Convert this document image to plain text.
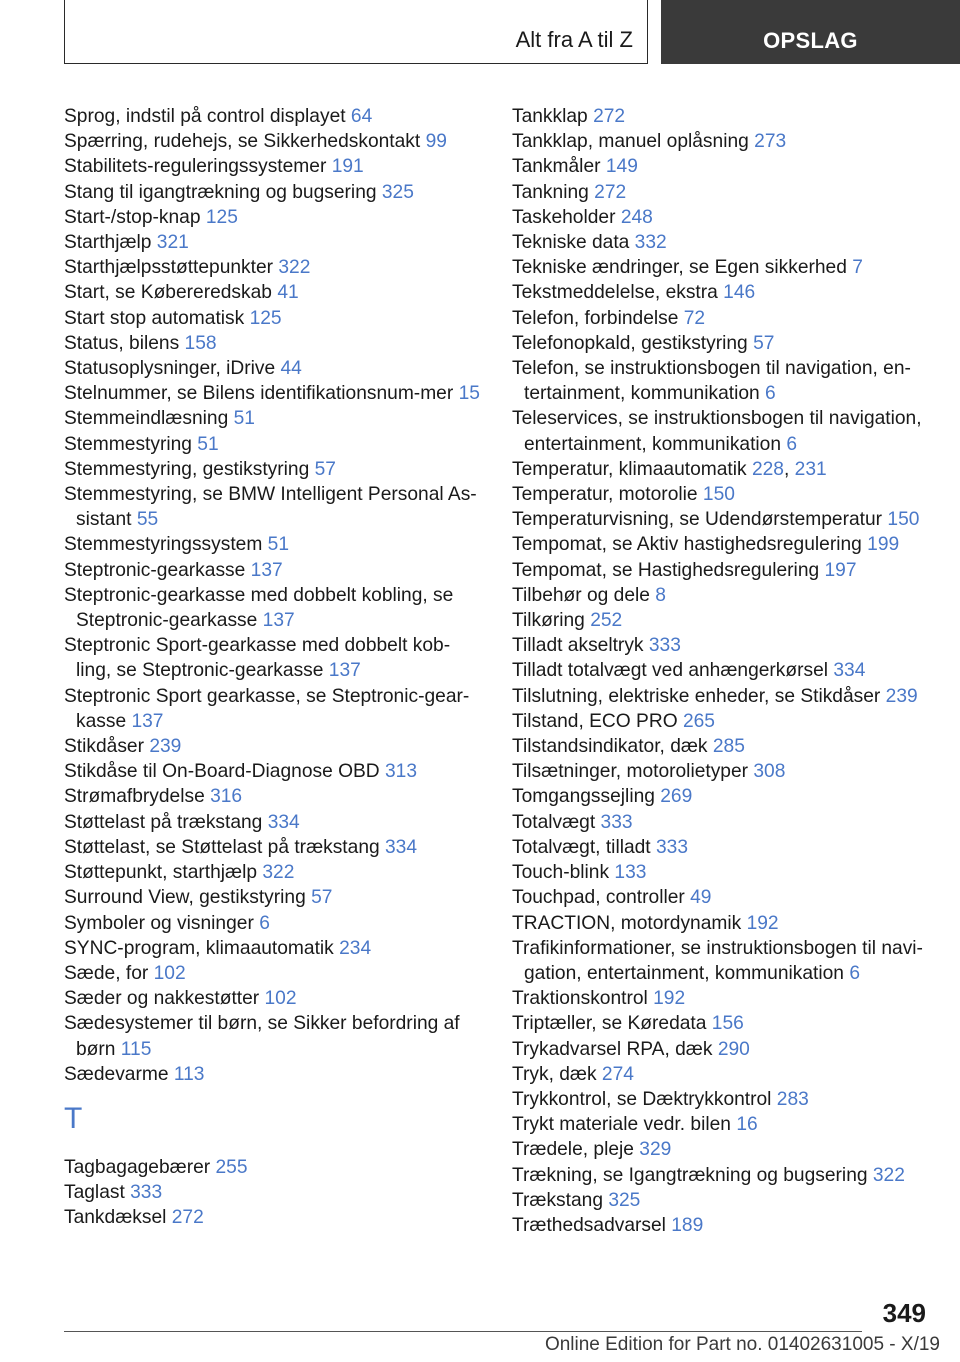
Alt fra A til Z	OPSLAG
Sprog, indstil på control displayet 64
Spærring, rudehejs, se Sikkerhedskontakt 99
Stabilitets-reguleringssystemer 191
Stang til igangtrækning og bugsering 325
Start-/stop-knap 125
Starthjælp 321
Starthjælpsstøttepunkter 322
Start, se Købereredskab 41
Start stop automatisk 125
Status, bilens 158
Statusoplysninger, iDrive 44
Stelnummer, se Bilens identifikationsnum‐mer 15
Stemmeindlæsning 51
Stemmestyring 51
Stemmestyring, gestikstyring 57
Stemmestyring, se BMW Intelligent Personal As‐sistant 55
Stemmestyringssystem 51
Steptronic-gearkasse 137
Steptronic-gearkasse med dobbelt kobling, se Steptronic-gearkasse 137
Steptronic Sport-gearkasse med dobbelt kob‐ling, se Steptronic-gearkasse 137
Steptronic Sport gearkasse, se Steptronic-gear‐kasse 137
Stikdåser 239
Stikdåse til On-Board-Diagnose OBD 313
Strømafbrydelse 316
Støttelast på trækstang 334
Støttelast, se Støttelast på trækstang 334
Støttepunkt, starthjælp 322
Surround View, gestikstyring 57
Symboler og visninger 6
SYNC-program, klimaautomatik 234
Sæde, for 102
Sæder og nakkestøtter 102
Sædesystemer til børn, se Sikker befordring af børn 115
Sædevarme 113
T
Tagbagagebærer 255
Taglast 333
Tankdæksel 272
Tankklap 272
Tankklap, manuel oplåsning 273
Tankmåler 149
Tankning 272
Taskeholder 248
Tekniske data 332
Tekniske ændringer, se Egen sikkerhed 7
Tekstmeddelelse, ekstra 146
Telefon, forbindelse 72
Telefonopkald, gestikstyring 57
Telefon, se instruktionsbogen til navigation, en‐tertainment, kommunikation 6
Teleservices, se instruktionsbogen til navigation, entertainment, kommunikation 6
Temperatur, klimaautomatik 228, 231
Temperatur, motorolie 150
Temperaturvisning, se Udendørstemperatur 150
Tempomat, se Aktiv hastighedsregulering 199
Tempomat, se Hastighedsregulering 197
Tilbehør og dele 8
Tilkøring 252
Tilladt akseltryk 333
Tilladt totalvægt ved anhængerkørsel 334
Tilslutning, elektriske enheder, se Stikdåser 239
Tilstand, ECO PRO 265
Tilstandsindikator, dæk 285
Tilsætninger, motorolietyper 308
Tomgangssejling 269
Totalvægt 333
Totalvægt, tilladt 333
Touch-blink 133
Touchpad, controller 49
TRACTION, motordynamik 192
Trafikinformationer, se instruktionsbogen til navi‐gation, entertainment, kommunikation 6
Traktionskontrol 192
Triptæller, se Køredata 156
Trykadvarsel RPA, dæk 290
Tryk, dæk 274
Trykkontrol, se Dæktrykkontrol 283
Trykt materiale vedr. bilen 16
Trædele, pleje 329
Trækning, se Igangtrækning og bugsering 322
Trækstang 325
Træthedsadvarsel 189
349
Online Edition for Part no. 01402631005 - X/19
